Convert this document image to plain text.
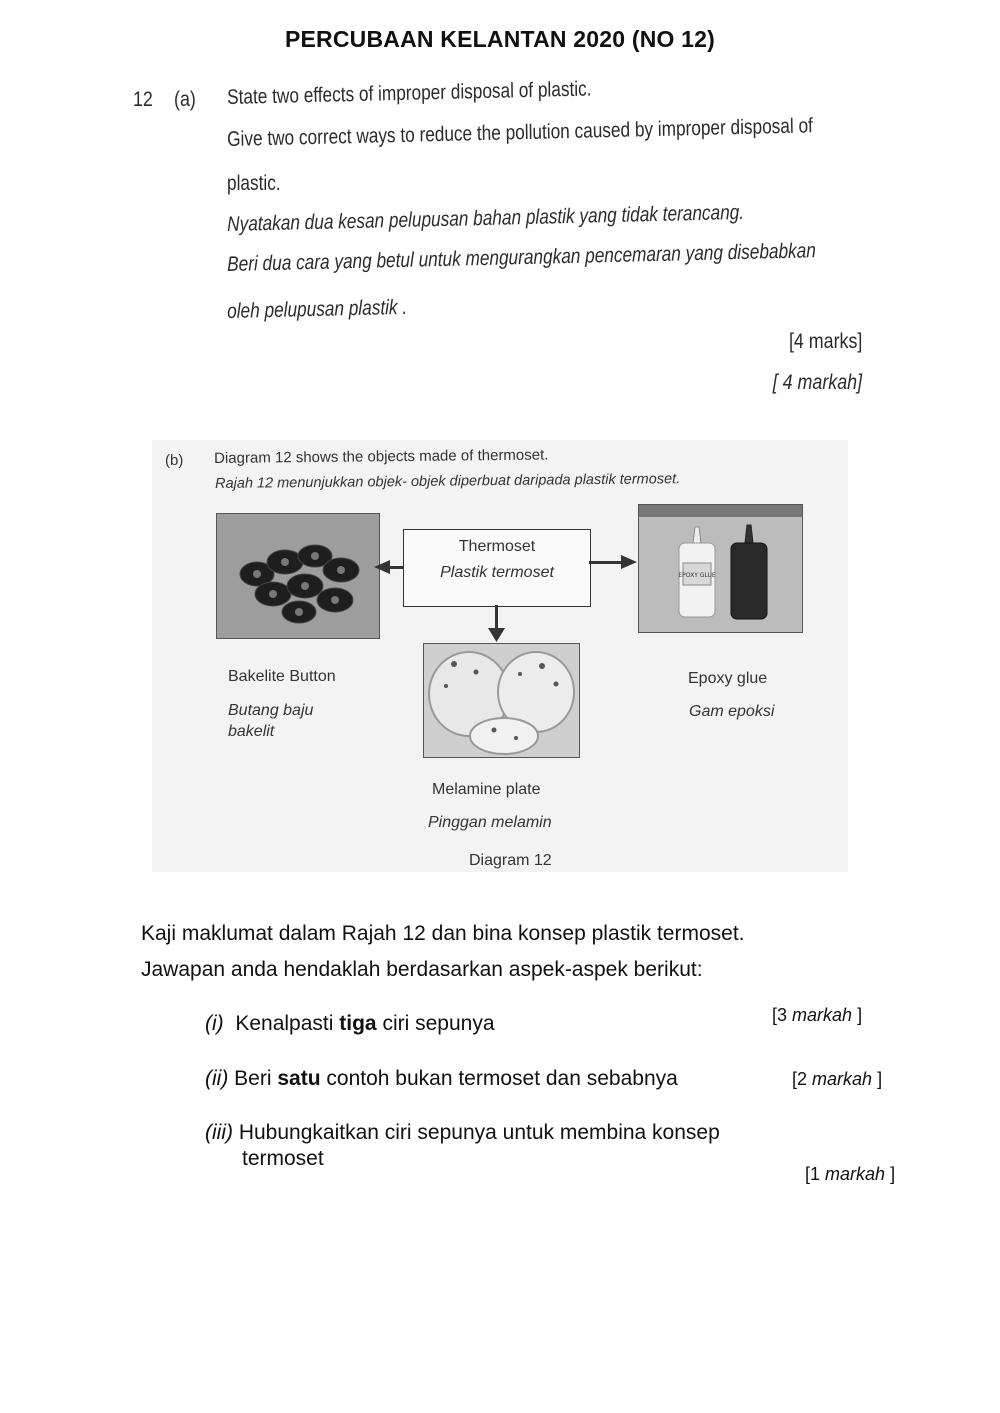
PERCUBAAN KELANTAN 2020 (NO 12)
12 (a) State two effects of improper disposal of plastic.
Give two correct ways to reduce the pollution caused by improper disposal of
plastic.
Nyatakan dua kesan pelupusan bahan plastik yang tidak terancang.
Beri dua cara yang betul untuk mengurangkan pencemaran yang disebabkan
oleh pelupusan plastik .
[4 marks]
[ 4 markah]
(b) Diagram 12 shows the objects made of thermoset.
Rajah 12 menunjukkan objek- objek diperbuat daripada plastik termoset.
Thermoset
Plastik termoset	EPOXY GLUE
Bakelite Button
Butang baju
bakelit
Epoxy glue
Gam epoksi
Melamine plate
Pinggan melamin
Diagram 12
Kaji maklumat dalam Rajah 12 dan bina konsep plastik termoset.
Jawapan anda hendaklah berdasarkan aspek-aspek berikut:
(i) Kenalpasti tiga ciri sepunya	[3 markah ]
(ii) Beri satu contoh bukan termoset dan sebabnya	[2 markah ]
(iii) Hubungkaitkan ciri sepunya untuk membina konsep
termoset
[1 markah ]
